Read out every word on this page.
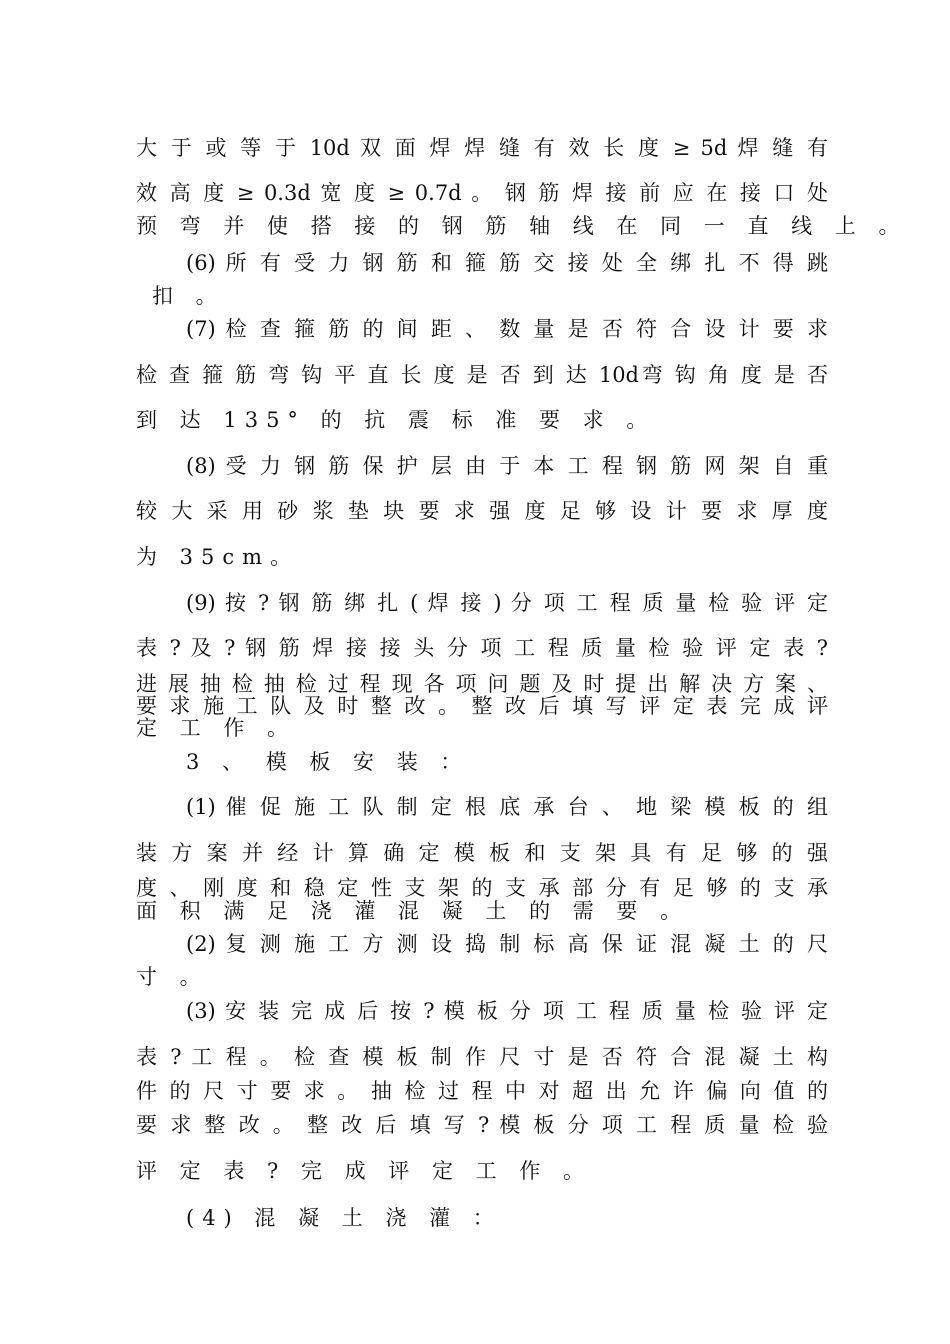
大 于 或 等 于 10d 双 面 焊 焊 缝 有 效 长 度 ≥ 5d 焊 缝 有
效 高 度 ≥ 0.3d 宽 度 ≥ 0.7d 。 钢 筋 焊 接 前 应 在 接 口 处
预 弯 并 使 搭 接 的 钢 筋 轴 线 在 同 一 直 线 上 。
(6) 所 有 受 力 钢 筋 和 箍 筋 交 接 处 全 绑 扎 不 得 跳
扣 。
(7) 检 查 箍 筋 的 间 距 、 数 量 是 否 符 合 设 计 要 求
检 查 箍 筋 弯 钩 平 直 长 度 是 否 到 达 10d弯 钩 角 度 是 否
到 达 135° 的 抗 震 标 准 要 求 。
(8) 受 力 钢 筋 保 护 层 由 于 本 工 程 钢 筋 网 架 自 重
较 大 采 用 砂 浆 垫 块 要 求 强 度 足 够 设 计 要 求 厚 度
为 35cm。
(9) 按 ? 钢 筋 绑 扎 ( 焊 接 ) 分 项 工 程 质 量 检 验 评 定
表 ? 及 ? 钢 筋 焊 接 接 头 分 项 工 程 质 量 检 验 评 定 表 ?
进 展 抽 检 抽 检 过 程 现 各 项 问 题 及 时 提 出 解 决 方 案 、
要 求 施 工 队 及 时 整 改 。 整 改 后 填 写 评 定 表 完 成 评
定 工 作 。
3 、 模 板 安 装 ：
(1) 催 促 施 工 队 制 定 根 底 承 台 、 地 梁 模 板 的 组
装 方 案 并 经 计 算 确 定 模 板 和 支 架 具 有 足 够 的 强
度 、 刚 度 和 稳 定 性 支 架 的 支 承 部 分 有 足 够 的 支 承
面 积 满 足 浇 灌 混 凝 土 的 需 要 。
(2) 复 测 施 工 方 测 设 捣 制 标 高 保 证 混 凝 土 的 尺
寸 。
(3) 安 装 完 成 后 按 ? 模 板 分 项 工 程 质 量 检 验 评 定
表 ? 工 程 。 检 查 模 板 制 作 尺 寸 是 否 符 合 混 凝 土 构
件 的 尺 寸 要 求 。 抽 检 过 程 中 对 超 出 允 许 偏 向 值 的
要 求 整 改 。 整 改 后 填 写 ? 模 板 分 项 工 程 质 量 检 验
评 定 表 ? 完 成 评 定 工 作 。
(4) 混 凝 土 浇 灌 ：
